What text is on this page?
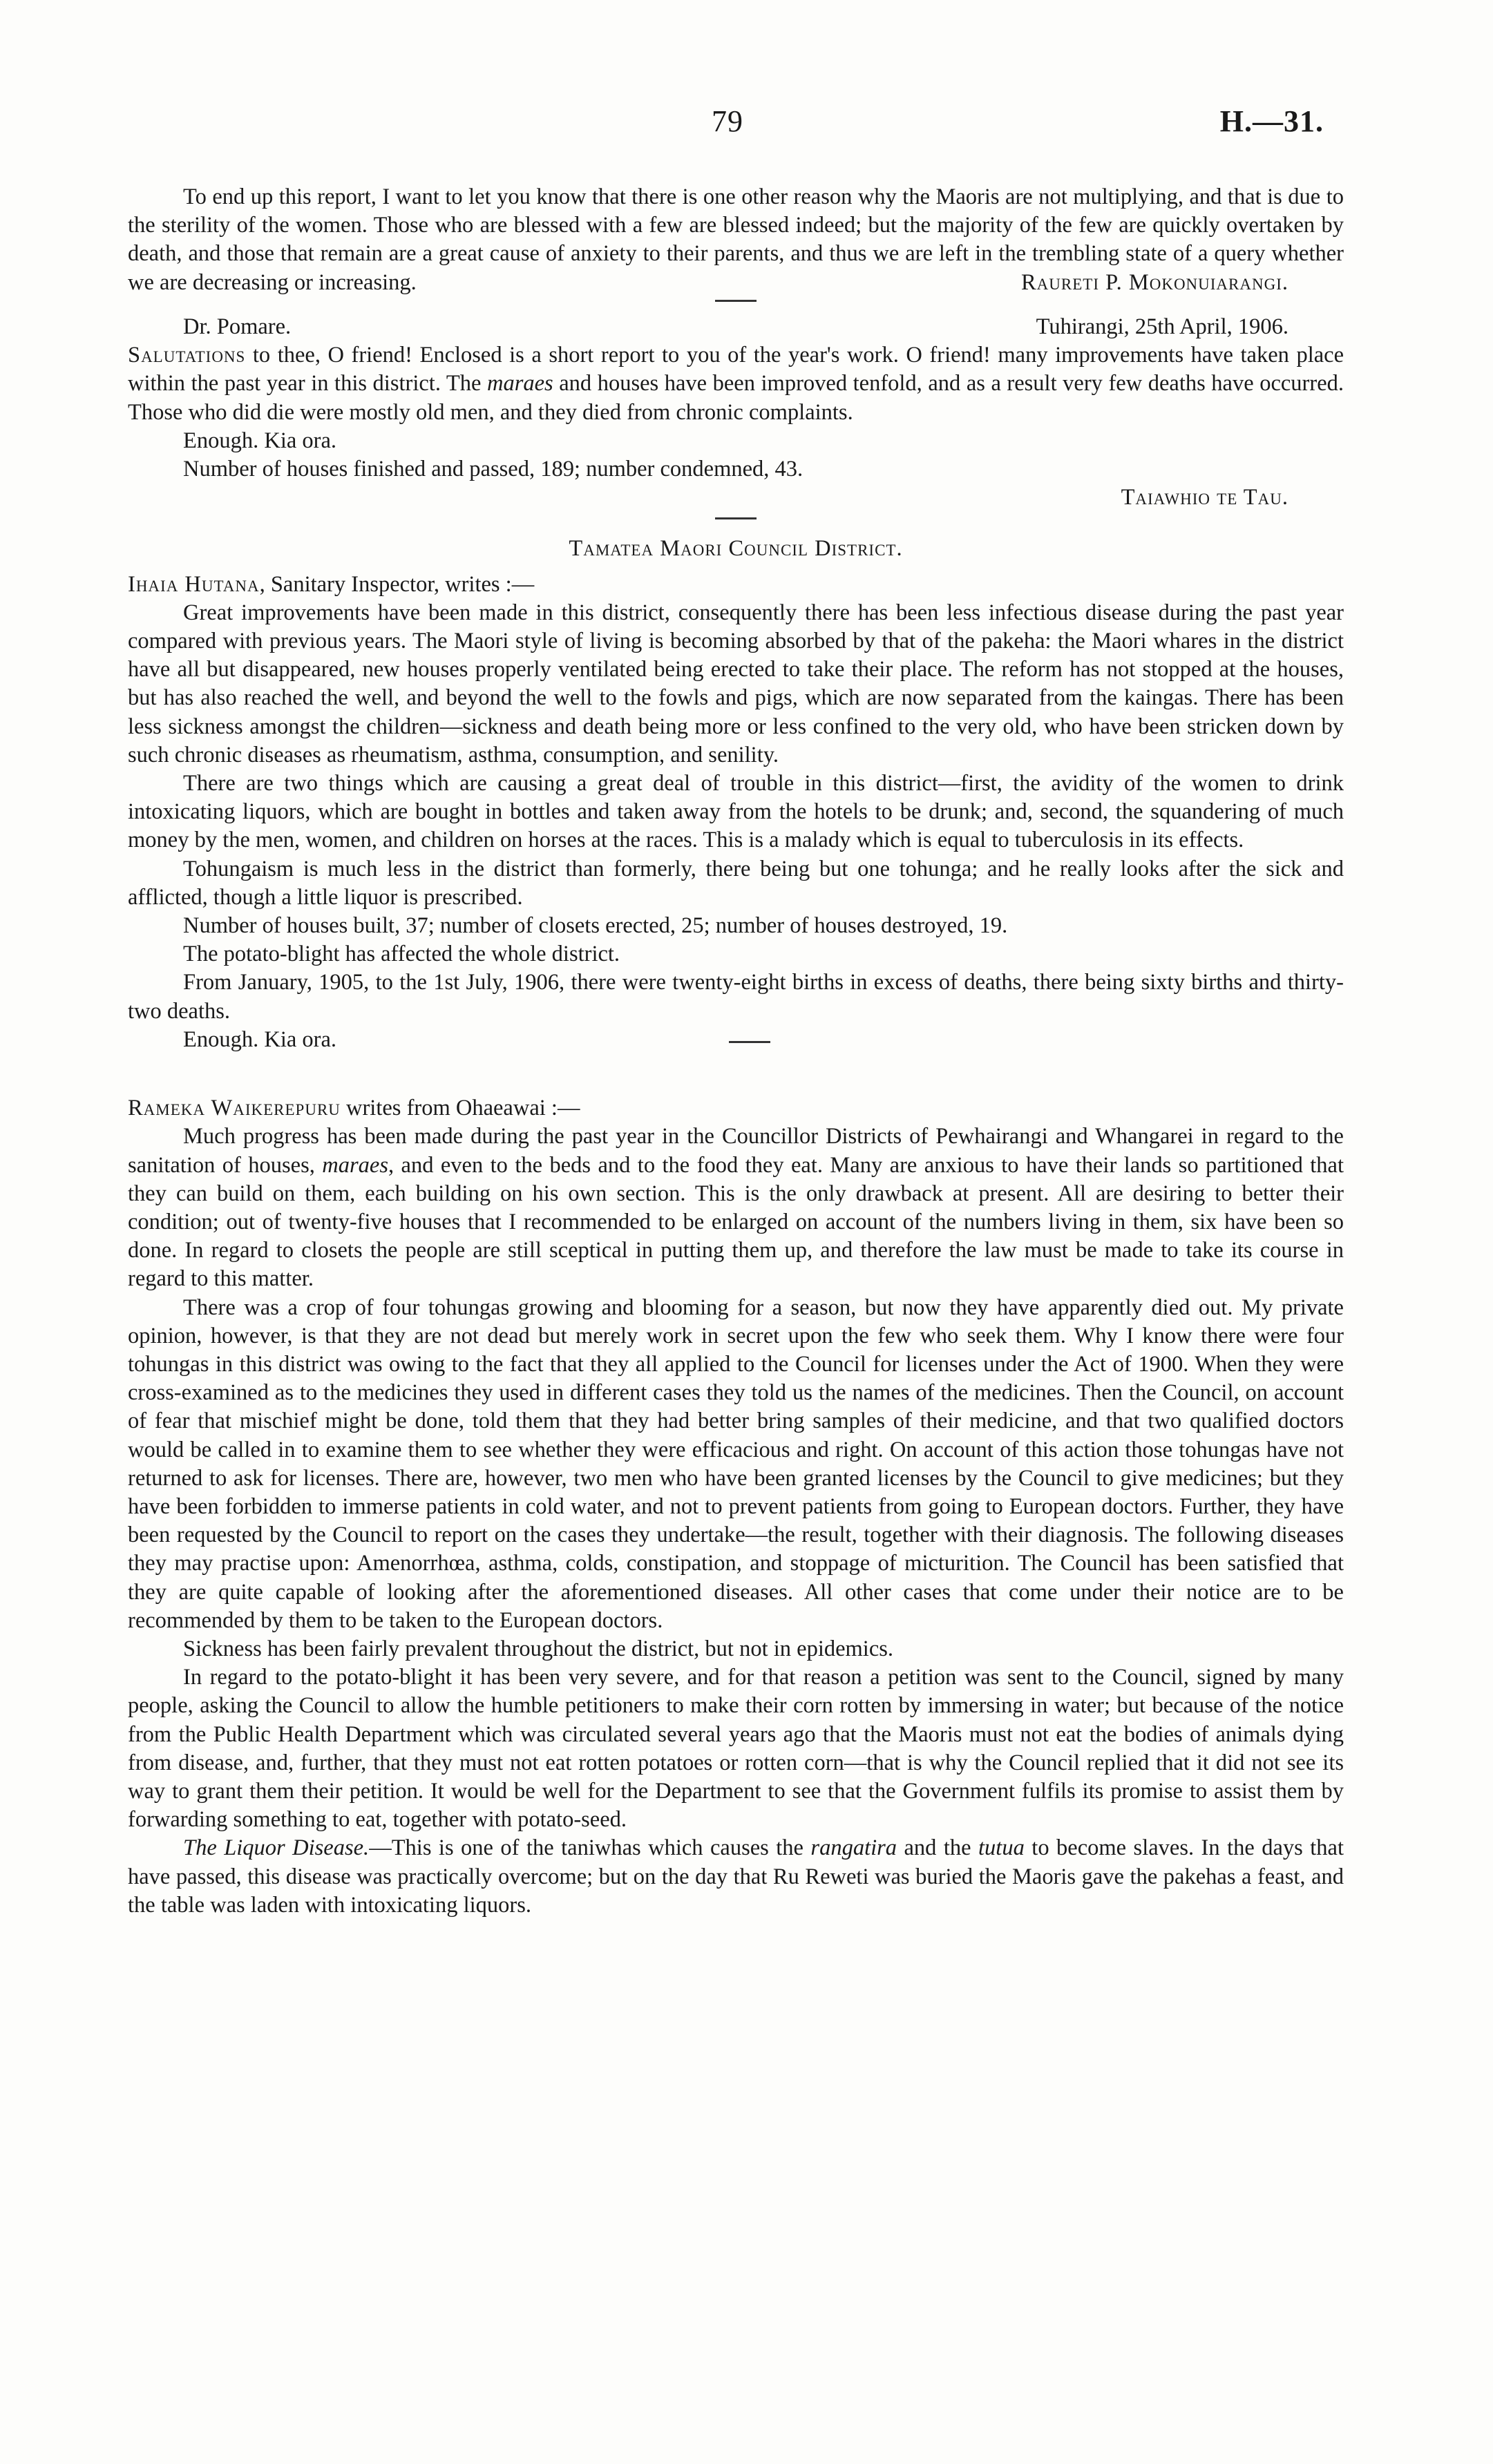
79	H.—31.

To end up this report, I want to let you know that there is one other reason why the Maoris are not multiplying, and that is due to the sterility of the women. Those who are blessed with a few are blessed indeed; but the majority of the few are quickly overtaken by death, and those that remain are a great cause of anxiety to their parents, and thus we are left in the trembling state of a query whether we are decreasing or increasing.	Raureti P. Mokonuiarangi.

Dr. Pomare.	Tuhirangi, 25th April, 1906.

Salutations to thee, O friend! Enclosed is a short report to you of the year's work. O friend! many improvements have taken place within the past year in this district. The maraes and houses have been improved tenfold, and as a result very few deaths have occurred. Those who did die were mostly old men, and they died from chronic complaints.

Enough. Kia ora.

Number of houses finished and passed, 189; number condemned, 43.

Taiawhio te Tau.

Tamatea Maori Council District.

Ihaia Hutana, Sanitary Inspector, writes :—

Great improvements have been made in this district, consequently there has been less infectious disease during the past year compared with previous years. The Maori style of living is becoming absorbed by that of the pakeha: the Maori whares in the district have all but disappeared, new houses properly ventilated being erected to take their place. The reform has not stopped at the houses, but has also reached the well, and beyond the well to the fowls and pigs, which are now separated from the kaingas. There has been less sickness amongst the children—sickness and death being more or less confined to the very old, who have been stricken down by such chronic diseases as rheumatism, asthma, consumption, and senility.

There are two things which are causing a great deal of trouble in this district—first, the avidity of the women to drink intoxicating liquors, which are bought in bottles and taken away from the hotels to be drunk; and, second, the squandering of much money by the men, women, and children on horses at the races. This is a malady which is equal to tuberculosis in its effects.

Tohungaism is much less in the district than formerly, there being but one tohunga; and he really looks after the sick and afflicted, though a little liquor is prescribed.

Number of houses built, 37; number of closets erected, 25; number of houses destroyed, 19.

The potato-blight has affected the whole district.

From January, 1905, to the 1st July, 1906, there were twenty-eight births in excess of deaths, there being sixty births and thirty-two deaths.

Enough. Kia ora.

Rameka Waikerepuru writes from Ohaeawai :—

Much progress has been made during the past year in the Councillor Districts of Pewhairangi and Whangarei in regard to the sanitation of houses, maraes, and even to the beds and to the food they eat. Many are anxious to have their lands so partitioned that they can build on them, each building on his own section. This is the only drawback at present. All are desiring to better their condition; out of twenty-five houses that I recommended to be enlarged on account of the numbers living in them, six have been so done. In regard to closets the people are still sceptical in putting them up, and therefore the law must be made to take its course in regard to this matter.

There was a crop of four tohungas growing and blooming for a season, but now they have apparently died out. My private opinion, however, is that they are not dead but merely work in secret upon the few who seek them. Why I know there were four tohungas in this district was owing to the fact that they all applied to the Council for licenses under the Act of 1900. When they were cross-examined as to the medicines they used in different cases they told us the names of the medicines. Then the Council, on account of fear that mischief might be done, told them that they had better bring samples of their medicine, and that two qualified doctors would be called in to examine them to see whether they were efficacious and right. On account of this action those tohungas have not returned to ask for licenses. There are, however, two men who have been granted licenses by the Council to give medicines; but they have been forbidden to immerse patients in cold water, and not to prevent patients from going to European doctors. Further, they have been requested by the Council to report on the cases they undertake—the result, together with their diagnosis. The following diseases they may practise upon: Amenorrhœa, asthma, colds, constipation, and stoppage of micturition. The Council has been satisfied that they are quite capable of looking after the aforementioned diseases. All other cases that come under their notice are to be recommended by them to be taken to the European doctors.

Sickness has been fairly prevalent throughout the district, but not in epidemics.

In regard to the potato-blight it has been very severe, and for that reason a petition was sent to the Council, signed by many people, asking the Council to allow the humble petitioners to make their corn rotten by immersing in water; but because of the notice from the Public Health Department which was circulated several years ago that the Maoris must not eat the bodies of animals dying from disease, and, further, that they must not eat rotten potatoes or rotten corn—that is why the Council replied that it did not see its way to grant them their petition. It would be well for the Department to see that the Government fulfils its promise to assist them by forwarding something to eat, together with potato-seed.

The Liquor Disease.—This is one of the taniwhas which causes the rangatira and the tutua to become slaves. In the days that have passed, this disease was practically overcome; but on the day that Ru Reweti was buried the Maoris gave the pakehas a feast, and the table was laden with intoxicating liquors.
